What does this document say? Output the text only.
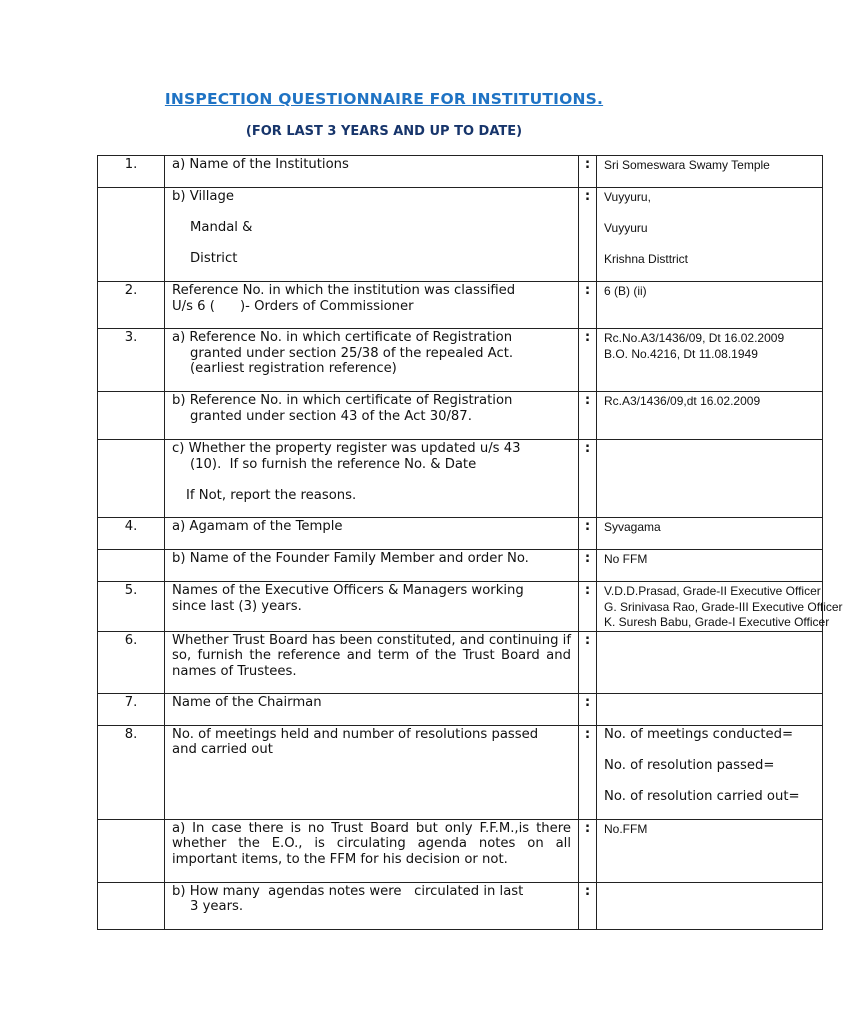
INSPECTION QUESTIONNAIRE FOR INSTITUTIONS.
(FOR LAST 3 YEARS AND UP TO DATE)
1.	a) Name of the Institutions	:	Sri Someswara Swamy Temple

	b) Village
Mandal &
District	:	Vuyyuru,
Vuyyuru
Krishna Disttrict

2.	Reference No. in which the institution was classified
U/s 6 (      )- Orders of Commissioner	:	6 (B) (ii)
3.	a) Reference No. in which certificate of Registration
granted under section 25/38 of the repealed Act.
(earliest registration reference)	:	Rc.No.A3/1436/09, Dt 16.02.2009
B.O. No.4216, Dt 11.08.1949

	b) Reference No. in which certificate of Registration
granted under section 43 of the Act 30/87.	:	Rc.A3/1436/09,dt 16.02.2009

	c) Whether the property register was updated u/s 43
(10).  If so furnish the reference No. & Date
If Not, report the reasons.	:	
4.	a) Agamam of the Temple	:	Syvagama

	b) Name of the Founder Family Member and order No.	:	No FFM
5.	Names of the Executive Officers & Managers working
since last (3) years.	:	V.D.D.Prasad, Grade-II Executive Officer
G. Srinivasa Rao, Grade-III Executive Officer
K. Suresh Babu, Grade-I Executive Officer

6.	Whether Trust Board has been constituted, and continuing if so, furnish the reference and term of the Trust Board and names of Trustees.	:	
7.	Name of the Chairman	:	
8.	No. of meetings held and number of resolutions passed
and carried out	:	No. of meetings conducted=
No. of resolution passed=
No. of resolution carried out=

	a) In case there is no Trust Board but only F.F.M.,is there whether the E.O., is circulating agenda notes on all important items, to the FFM for his decision or not.	:	No.FFM

	b) How many  agendas notes were   circulated in last
3 years.	:	
